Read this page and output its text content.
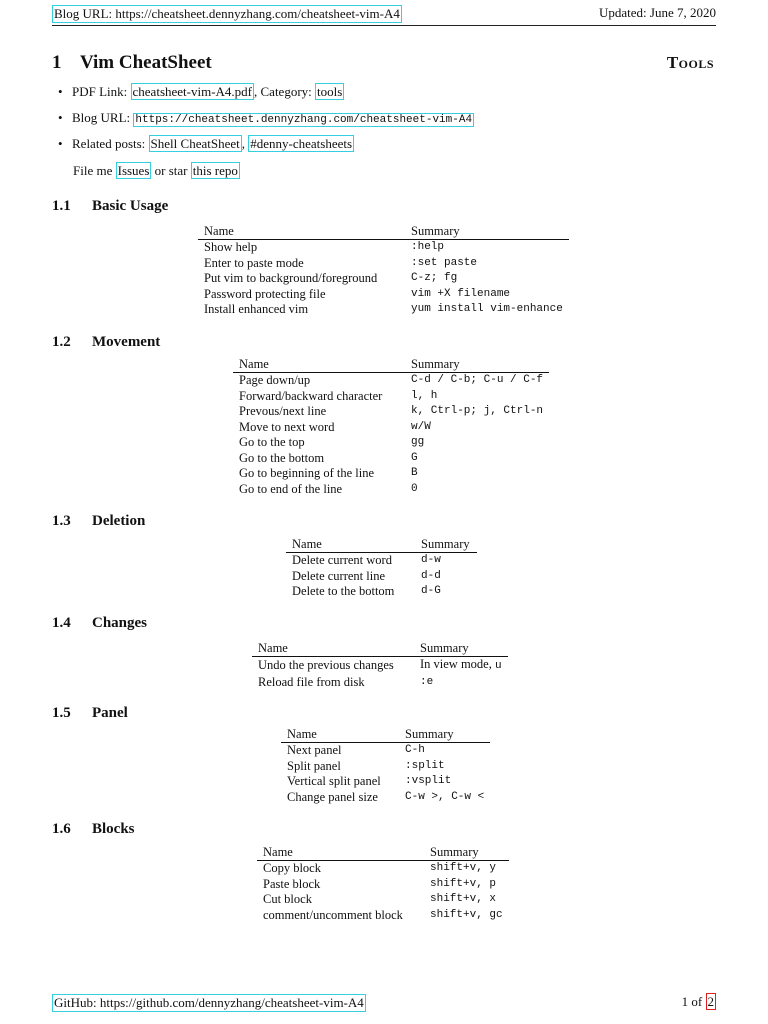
Blog URL: https://cheatsheet.dennyzhang.com/cheatsheet-vim-A4	Updated: June 7, 2020
1 Vim CheatSheet	Tools
• PDF Link: cheatsheet-vim-A4.pdf , Category: tools
• Blog URL: https://cheatsheet.dennyzhang.com/cheatsheet-vim-A4
• Related posts: Shell CheatSheet , #denny-cheatsheets
File me Issues or star this repo
1.1 Basic Usage
Name	Summary
Show help	:help
Enter to paste mode	:set paste
Put vim to background/foreground	C-z; fg
Password protecting file	vim +X filename
Install enhanced vim	yum install vim-enhance
1.2 Movement
Name	Summary
Page down/up	C-d / C-b; C-u / C-f
Forward/backward character	l, h
Prevous/next line	k, Ctrl-p; j, Ctrl-n
Move to next word	w/W
Go to the top	gg
Go to the bottom	G
Go to beginning of the line	B
Go to end of the line	0
1.3 Deletion
Name	Summary
Delete current word	d-w
Delete current line	d-d
Delete to the bottom	d-G
1.4 Changes
Name	Summary
Undo the previous changes	In view mode, u
Reload file from disk	:e
1.5 Panel
Name	Summary
Next panel	C-h
Split panel	:split
Vertical split panel	:vsplit
Change panel size	C-w >, C-w <
1.6 Blocks
Name	Summary
Copy block	shift+v, y
Paste block	shift+v, p
Cut block	shift+v, x
comment/uncomment block	shift+v, gc
GitHub: https://github.com/dennyzhang/cheatsheet-vim-A4	1 of 2
